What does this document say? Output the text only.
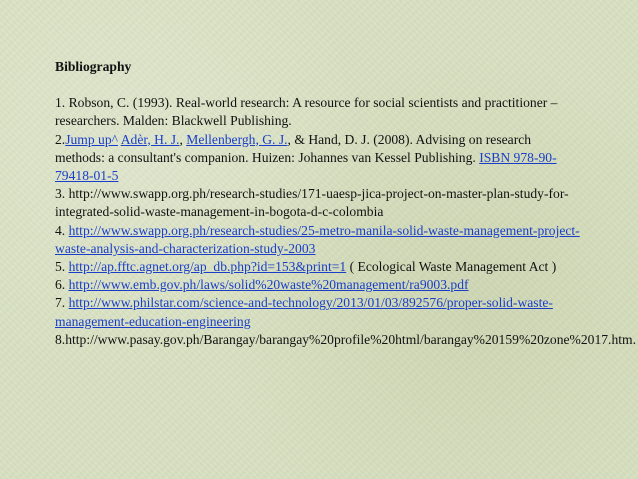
Bibliography

1. Robson, C. (1993). Real-world research: A resource for social scientists and practitioner – researchers. Malden: Blackwell Publishing.

2.Jump up^ Adèr, H. J., Mellenbergh, G. J., & Hand, D. J. (2008). Advising on research methods: a consultant's companion. Huizen: Johannes van Kessel Publishing. ISBN 978-90-79418-01-5

3. http://www.swapp.org.ph/research-studies/171-uaesp-jica-project-on-master-plan-study-for-integrated-solid-waste-management-in-bogota-d-c-colombia

4. http://www.swapp.org.ph/research-studies/25-metro-manila-solid-waste-management-project-waste-analysis-and-characterization-study-2003

5. http://ap.fftc.agnet.org/ap_db.php?id=153&print=1 ( Ecological Waste Management Act )

6. http://www.emb.gov.ph/laws/solid%20waste%20management/ra9003.pdf

7. http://www.philstar.com/science-and-technology/2013/01/03/892576/proper-solid-waste-management-education-engineering

8.http://www.pasay.gov.ph/Barangay/barangay%20profile%20html/barangay%20159%20zone%2017.htm.
